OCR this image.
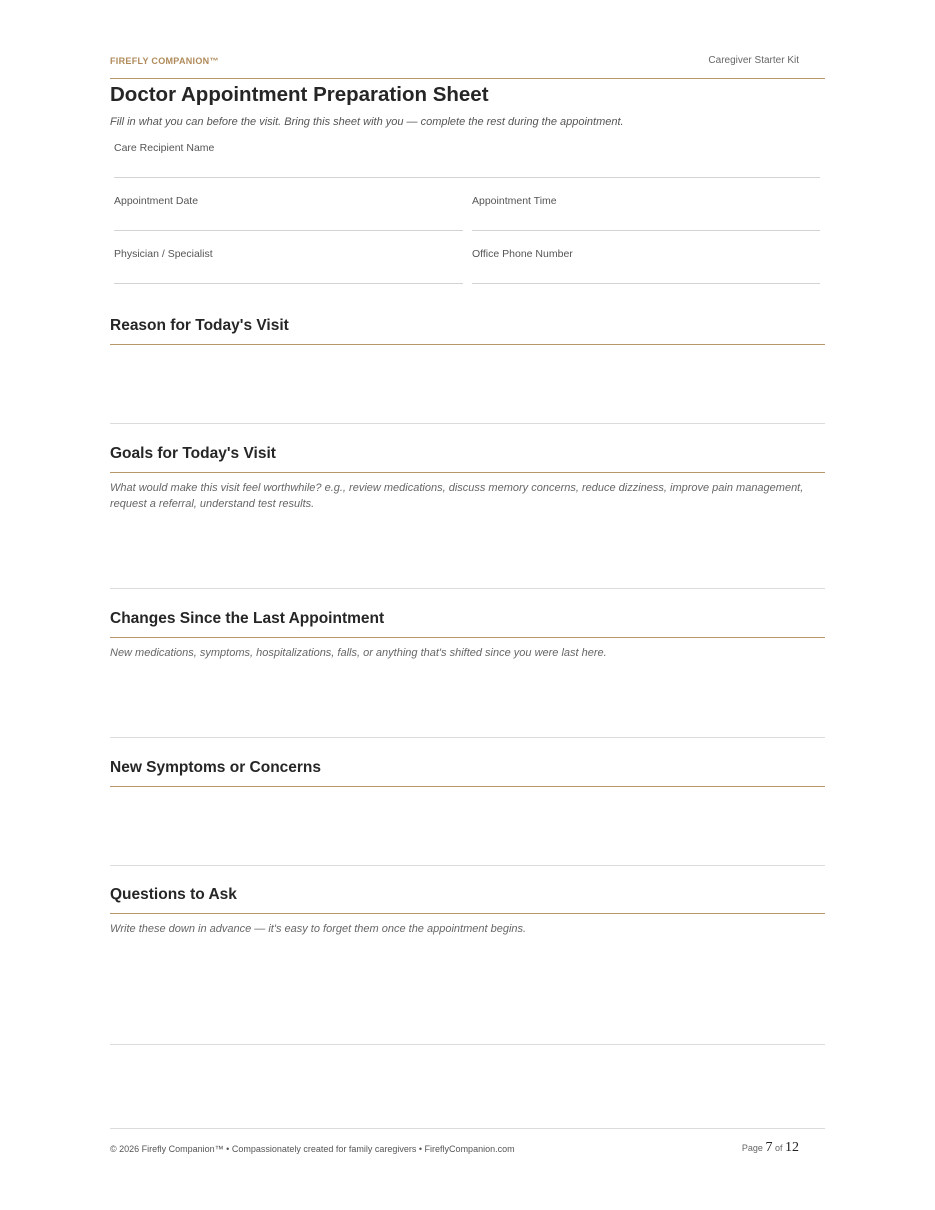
FIREFLY COMPANION™	Caregiver Starter Kit
Doctor Appointment Preparation Sheet
Fill in what you can before the visit. Bring this sheet with you — complete the rest during the appointment.
Care Recipient Name
Appointment Date	Appointment Time
Physician / Specialist	Office Phone Number
Reason for Today's Visit
Goals for Today's Visit
What would make this visit feel worthwhile? e.g., review medications, discuss memory concerns, reduce dizziness, improve pain management, request a referral, understand test results.
Changes Since the Last Appointment
New medications, symptoms, hospitalizations, falls, or anything that's shifted since you were last here.
New Symptoms or Concerns
Questions to Ask
Write these down in advance — it's easy to forget them once the appointment begins.
© 2026 Firefly Companion™ • Compassionately created for family caregivers • FireflyCompanion.com	Page 7 of 12
